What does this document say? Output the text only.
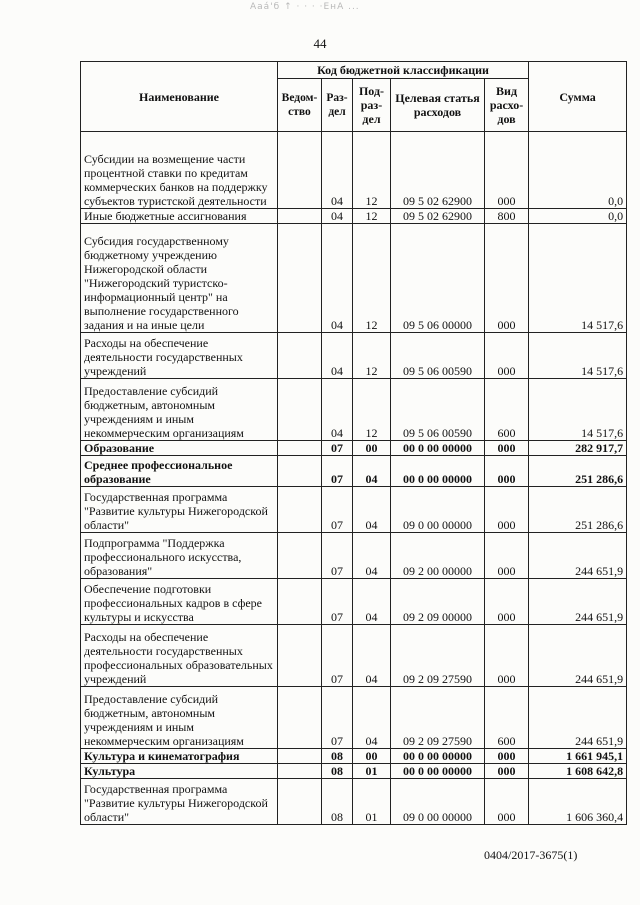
Ааа́'б ↑ · · · ·ЕнА ...
44
Наименование	Код бюджетной классификации					Сумма
	Ведом-ство	Раз-дел	Под-раз-дел	Целевая статья расходов	Вид расхо-дов	
Субсидии на возмещение части процентной ставки по кредитам коммерческих банков на поддержку субъектов туристской деятельности		04	12	09 5 02 62900	000	0,0
Иные бюджетные ассигнования		04	12	09 5 02 62900	800	0,0
Субсидия государственному бюджетному учреждению Нижегородской области "Нижегородский туристско-информационный центр" на выполнение государственного задания и на иные цели		04	12	09 5 06 00000	000	14 517,6
Расходы на обеспечение деятельности государственных учреждений		04	12	09 5 06 00590	000	14 517,6
Предоставление субсидий бюджетным, автономным учреждениям и иным некоммерческим организациям		04	12	09 5 06 00590	600	14 517,6
Образование		07	00	00 0 00 00000	000	282 917,7
Среднее профессиональное образование		07	04	00 0 00 00000	000	251 286,6
Государственная программа "Развитие культуры Нижегородской области"		07	04	09 0 00 00000	000	251 286,6
Подпрограмма "Поддержка профессионального искусства, образования"		07	04	09 2 00 00000	000	244 651,9
Обеспечение подготовки профессиональных кадров в сфере культуры и искусства		07	04	09 2 09 00000	000	244 651,9
Расходы на обеспечение деятельности государственных профессиональных образовательных учреждений		07	04	09 2 09 27590	000	244 651,9
Предоставление субсидий бюджетным, автономным учреждениям и иным некоммерческим организациям		07	04	09 2 09 27590	600	244 651,9
Культура и кинематография		08	00	00 0 00 00000	000	1 661 945,1
Культура		08	01	00 0 00 00000	000	1 608 642,8
Государственная программа "Развитие культуры Нижегородской области"		08	01	09 0 00 00000	000	1 606 360,4
0404/2017-3675(1)
